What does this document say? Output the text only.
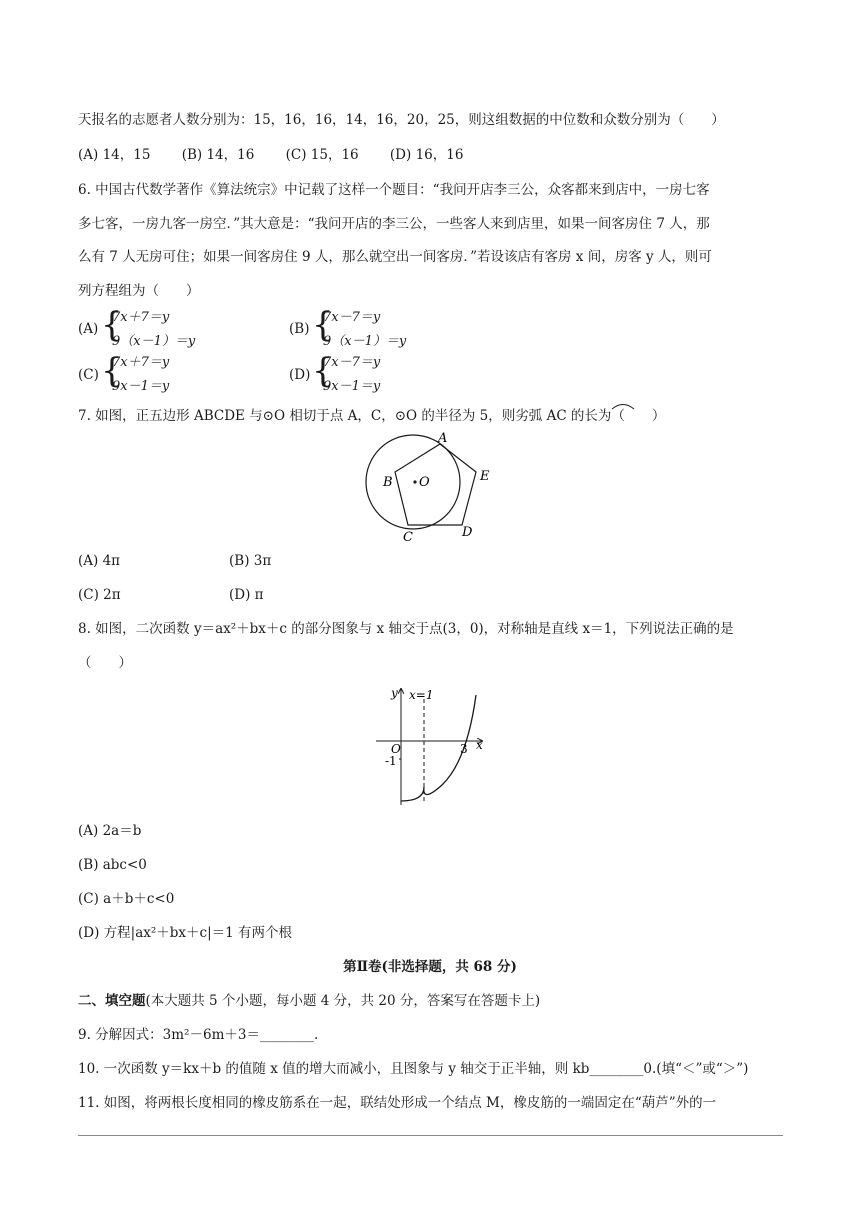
天报名的志愿者人数分别为：15，16，16，14，16，20，25，则这组数据的中位数和众数分别为（　　）
(A) 14，15　　 (B) 14，16　　 (C) 15，16　　 (D) 16，16
6. 中国古代数学著作《算法统宗》中记载了这样一个题目：“我问开店李三公，众客都来到店中，一房七客
多七客，一房九客一房空．”其大意是：“我问开店的李三公，一些客人来到店里，如果一间客房住 7 人，那
么有 7 人无房可住；如果一间客房住 9 人，那么就空出一间客房．”若设该店有客房 x 间，房客 y 人，则可
列方程组为（　　）
(A) {
7x＋7＝y
9（x－1）＝y
(B) {
7x－7＝y
9（x－1）＝y
(C) {
7x＋7＝y
9x－1＝y
(D) {
7x－7＝y
9x－1＝y
7. 如图，正五边形 ABCDE 与⊙O 相切于点 A，C，⊙O 的半径为 5，则劣弧 AC 的长为（　　）
A
B
C	D
E
O
(A) 4π	(B) 3π
(C) 2π	(D) π
8. 如图，二次函数 y＝ax²＋bx＋c 的部分图象与 x 轴交于点(3，0)，对称轴是直线 x＝1，下列说法正确的是
（　　）
y x=1
O	3 x
-1
(A) 2a＝b
(B) abc<0
(C) a＋b＋c<0
(D) 方程|ax²＋bx＋c|＝1 有两个根
第Ⅱ卷(非选择题，共 68 分)
二、填空题(本大题共 5 个小题，每小题 4 分，共 20 分，答案写在答题卡上)
9. 分解因式：3m²－6m＋3＝________.
10. 一次函数 y＝kx＋b 的值随 x 值的增大而减小，且图象与 y 轴交于正半轴，则 kb________0.(填“＜”或“＞”)
11. 如图，将两根长度相同的橡皮筋系在一起，联结处形成一个结点 M，橡皮筋的一端固定在“葫芦”外的一
